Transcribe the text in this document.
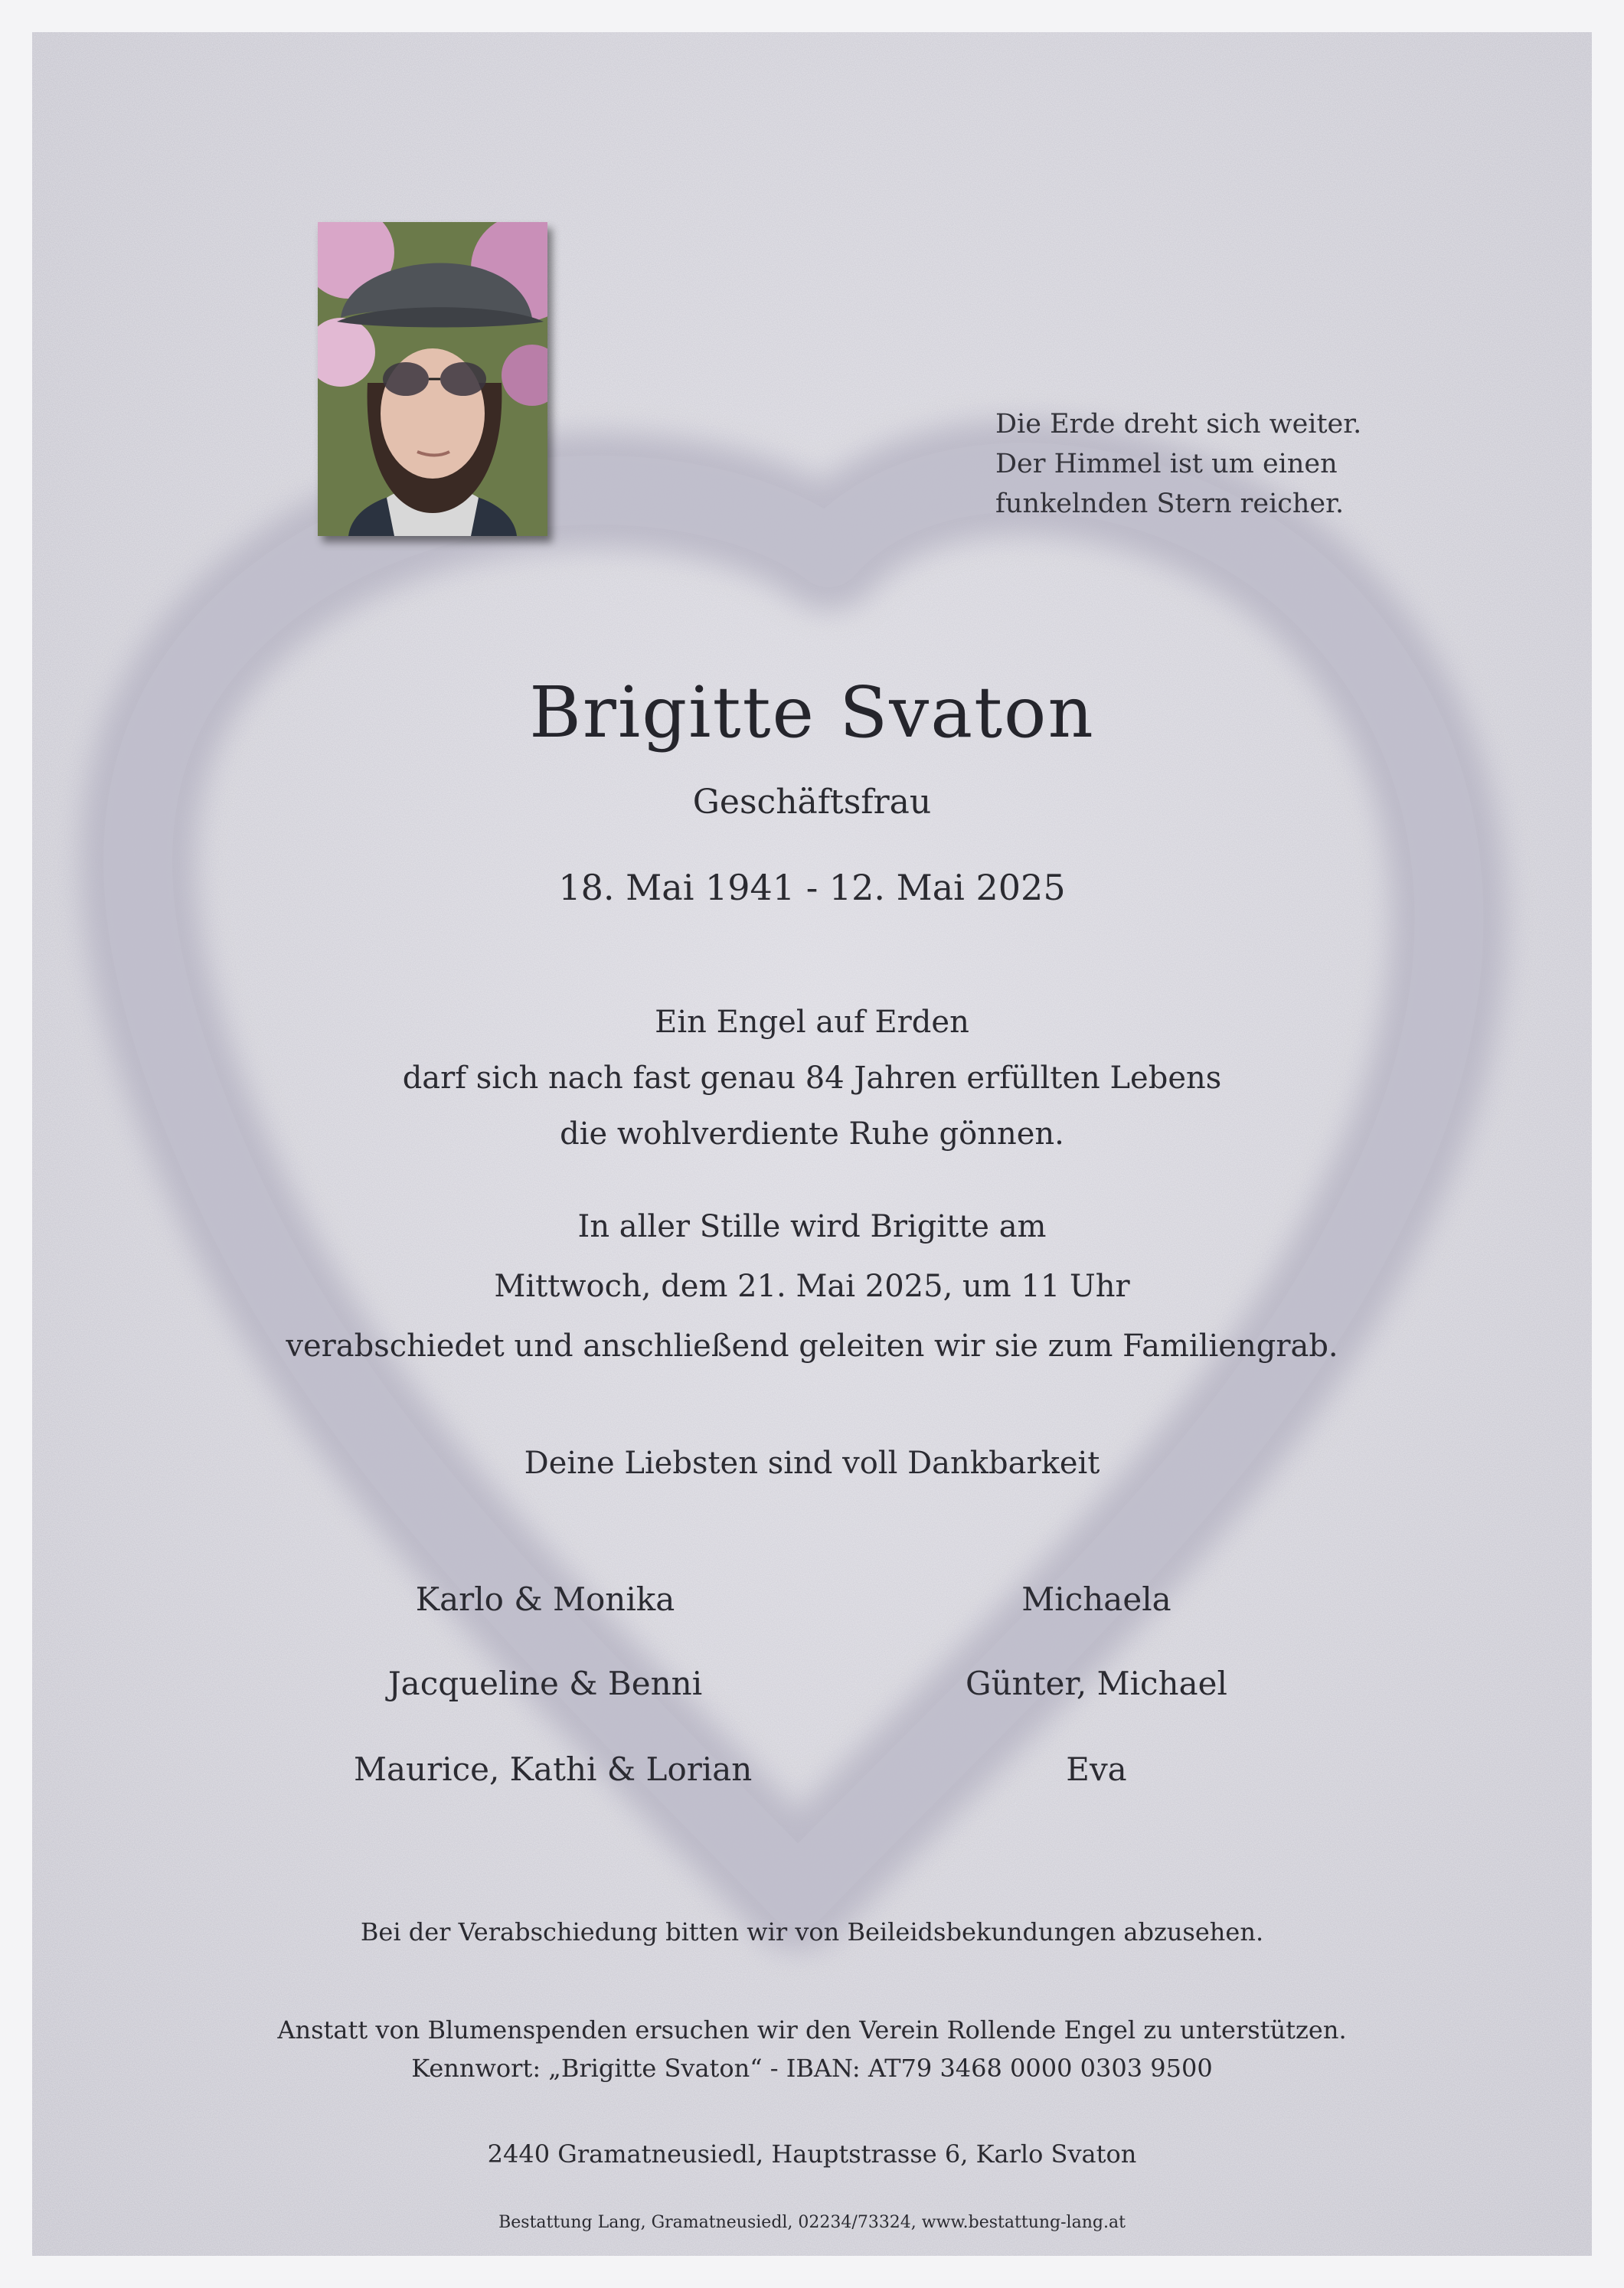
Die Erde dreht sich weiter.
Der Himmel ist um einen
funkelnden Stern reicher.
Brigitte Svaton
Geschäftsfrau
18. Mai 1941 - 12. Mai 2025
Ein Engel auf Erden
darf sich nach fast genau 84 Jahren erfüllten Lebens
die wohlverdiente Ruhe gönnen.
In aller Stille wird Brigitte am
Mittwoch, dem 21. Mai 2025, um 11 Uhr
verabschiedet und anschließend geleiten wir sie zum Familiengrab.
Deine Liebsten sind voll Dankbarkeit
Karlo & Monika
Jacqueline & Benni
Maurice, Kathi & Lorian
Michaela
Günter, Michael
Eva
Bei der Verabschiedung bitten wir von Beileidsbekundungen abzusehen.
Anstatt von Blumenspenden ersuchen wir den Verein Rollende Engel zu unterstützen.
Kennwort: „Brigitte Svaton“ - IBAN: AT79 3468 0000 0303 9500
2440 Gramatneusiedl, Hauptstrasse 6, Karlo Svaton
Bestattung Lang, Gramatneusiedl, 02234/73324, www.bestattung-lang.at
